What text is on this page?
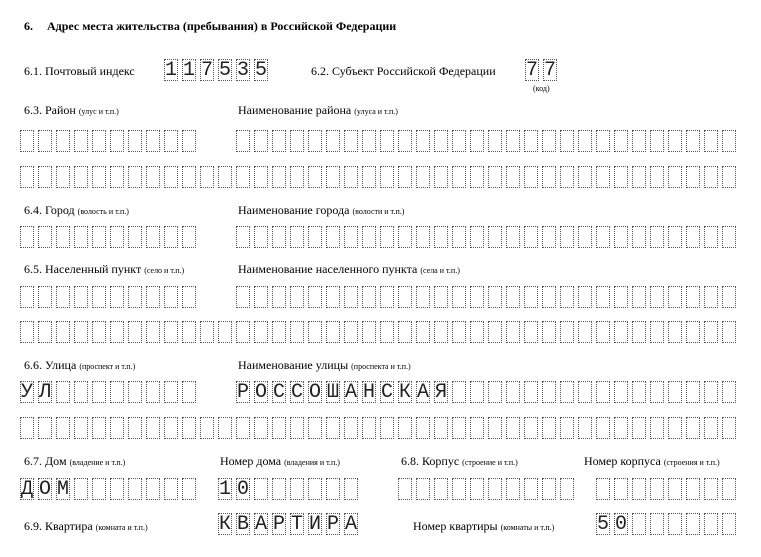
6. Адрес места жительства (пребывания) в Российской Федерации
6.1. Почтовый индекс 1 1 7 5 3 5	6.2. Субъект Российской Федерации 7 7
(код)
6.3. Район (улус и т.п.)	Наименование района (улуса и т.п.)
6.4. Город (волость и т.п.)	Наименование города (волости и т.п.)
6.5. Населенный пункт (село и т.п.)	Наименование населенного пункта (села и т.п.)
6.6. Улица (проспект и т.п.)	Наименование улицы (проспекта и т.п.)
У Л	Р О С С О Ш А Н С К А Я
6.7. Дом (владение и т.п.)	Номер дома (владения и т.п.)	6.8. Корпус (строение и т.п.)	Номер корпуса (строения и т.п.)
Д О М	1 0
6.9. Квартира (комната и т.п.)	К В А Р Т И Р А	Номер квартиры (комнаты и т.п.) 5 0
